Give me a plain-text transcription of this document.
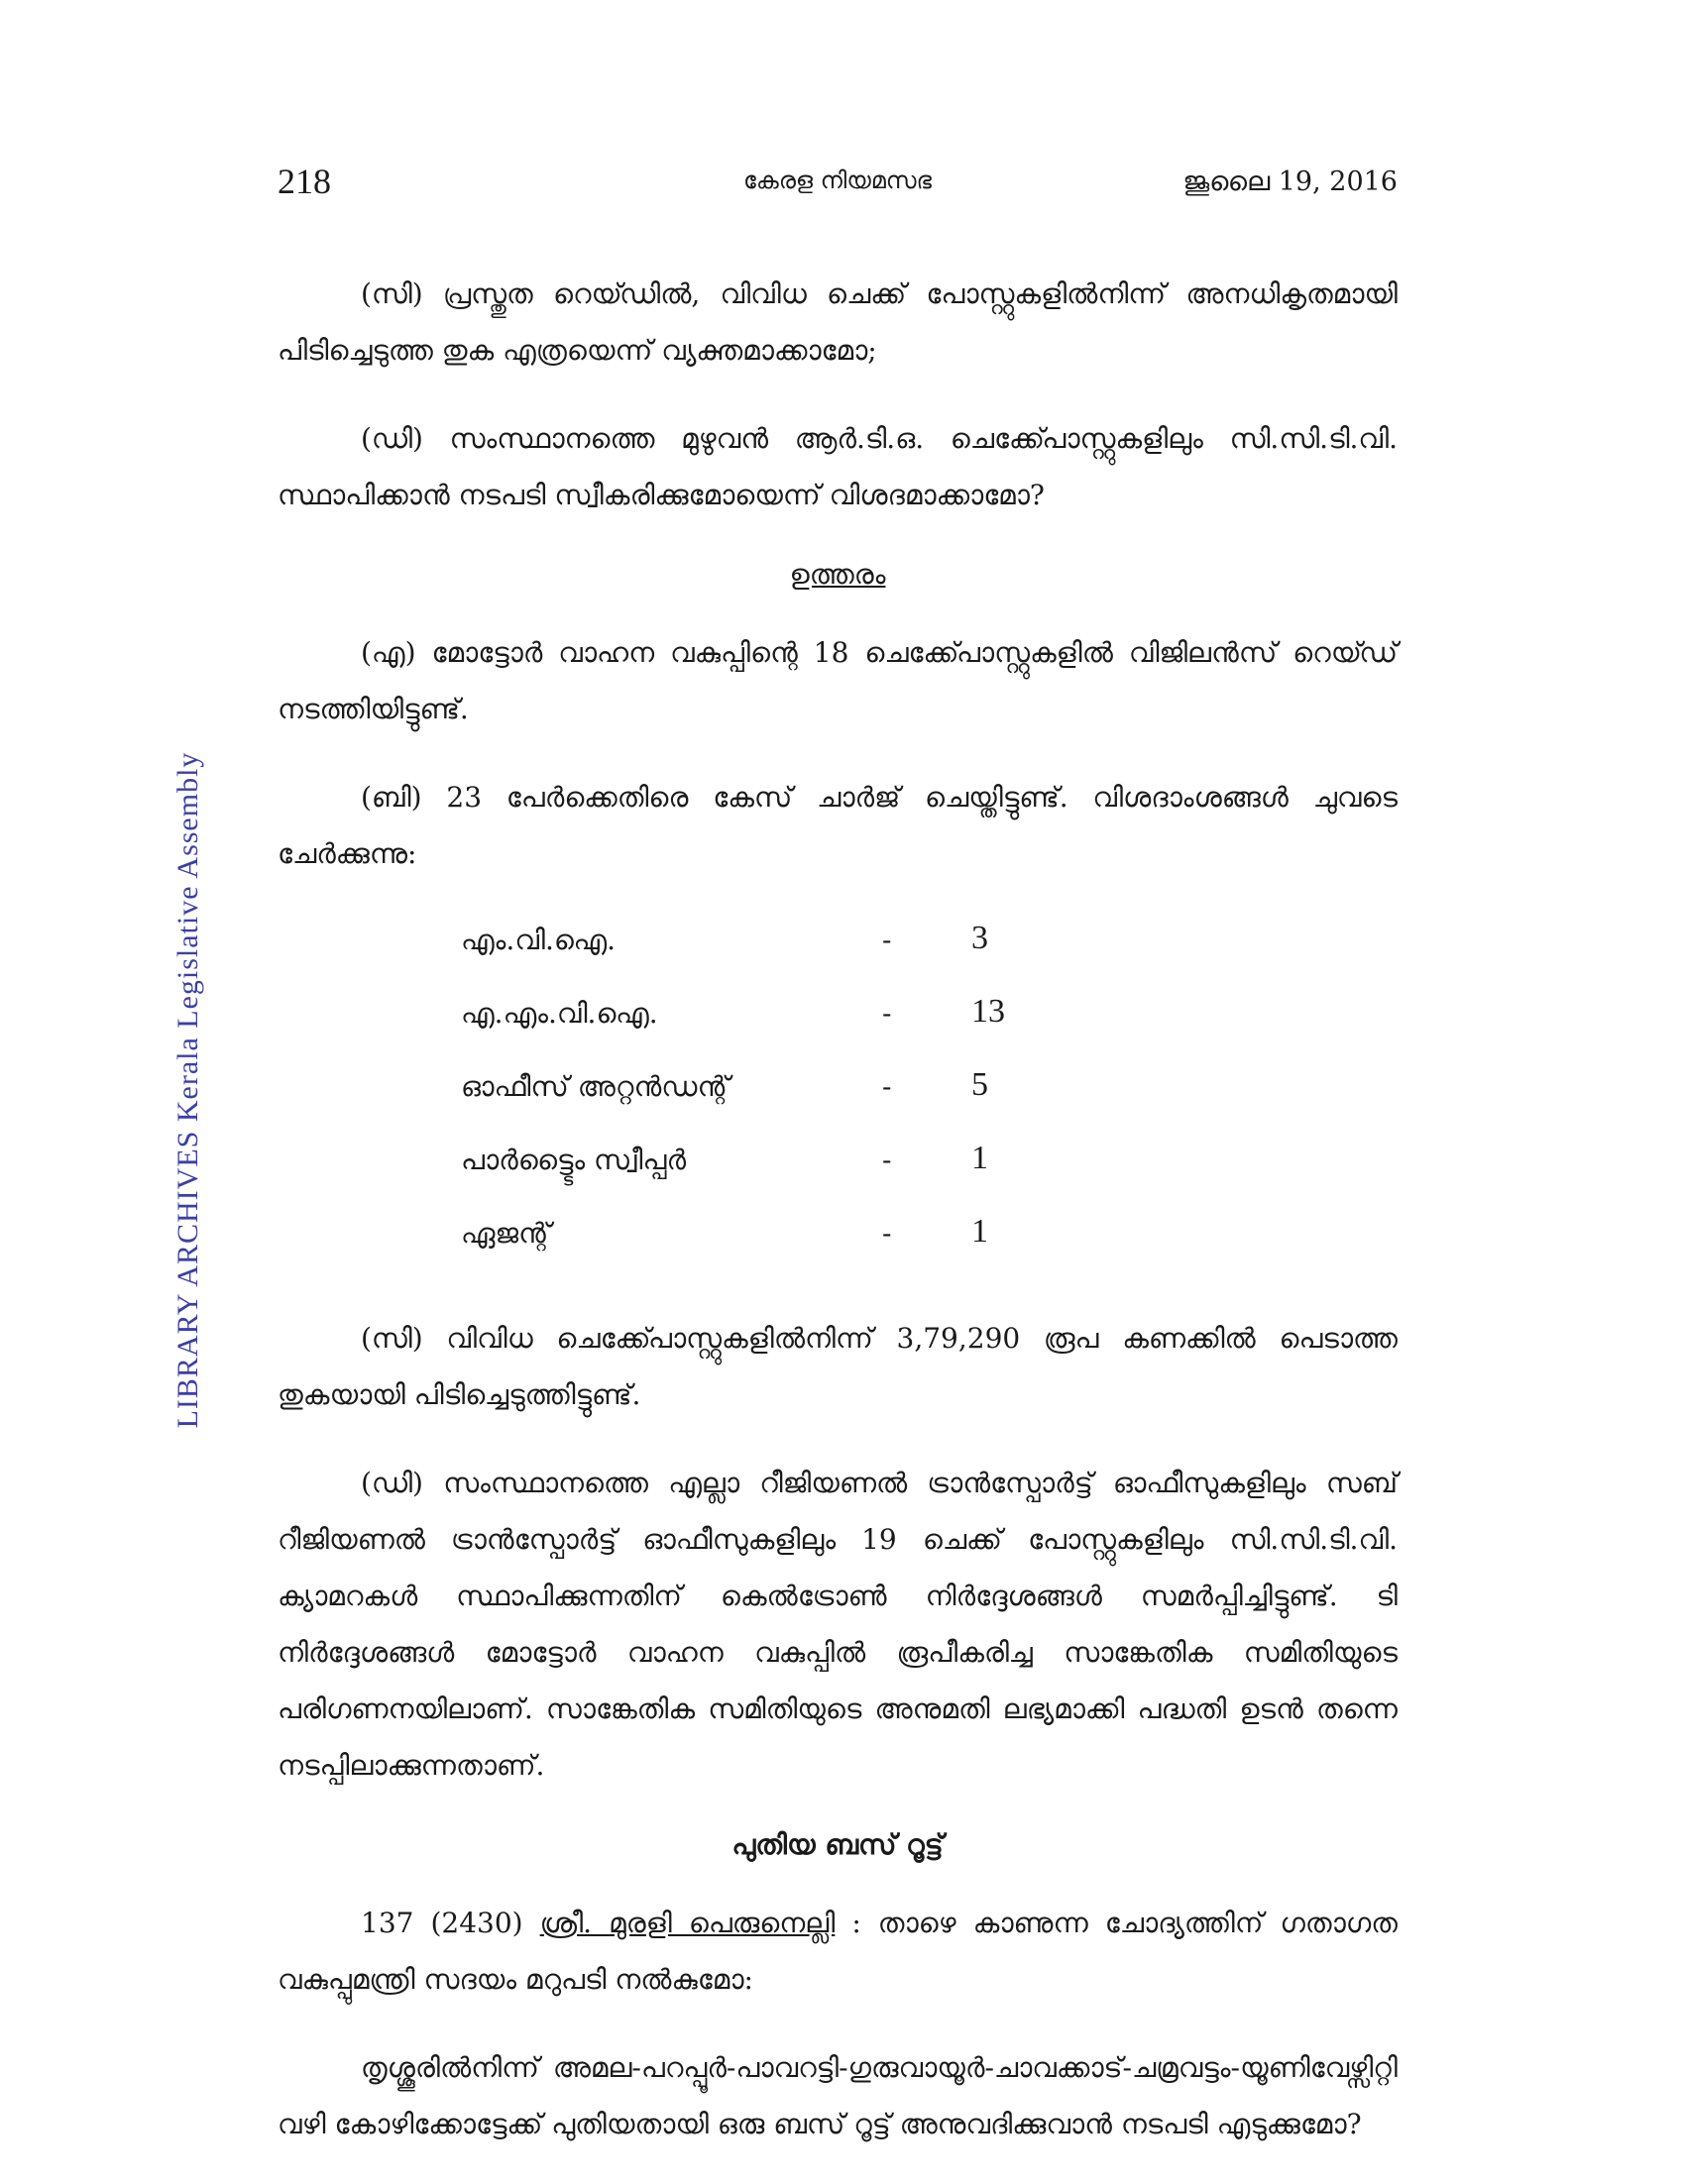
LIBRARY ARCHIVES Kerala Legislative Assembly
218	കേരള നിയമസഭ	ജൂലൈ 19, 2016

(സി) പ്രസ്തുത റെയ്ഡിൽ, വിവിധ ചെക്ക് പോസ്റ്റുകളിൽനിന്ന് അനധികൃതമായി പിടിച്ചെടുത്ത തുക എത്രയെന്ന് വ്യക്തമാക്കാമോ;

(ഡി) സംസ്ഥാനത്തെ മുഴുവൻ ആർ.ടി.ഒ. ചെക്ക്പോസ്റ്റുകളിലും സി.സി.ടി.വി. സ്ഥാപിക്കാൻ നടപടി സ്വീകരിക്കുമോയെന്ന് വിശദമാക്കാമോ?

ഉത്തരം

(എ) മോട്ടോർ വാഹന വകുപ്പിന്റെ 18 ചെക്ക്പോസ്റ്റുകളിൽ വിജിലൻസ് റെയ്ഡ് നടത്തിയിട്ടുണ്ട്.

(ബി) 23 പേർക്കെതിരെ കേസ് ചാർജ് ചെയ്തിട്ടുണ്ട്. വിശദാംശങ്ങൾ ചുവടെ ചേർക്കുന്നു:

എം.വി.ഐ.	- 3
എ.എം.വി.ഐ.	- 13
ഓഫീസ് അറ്റൻഡന്റ്	- 5
പാർട്ട്ടൈം സ്വീപ്പർ	- 1
ഏജന്റ്	- 1

(സി) വിവിധ ചെക്ക്പോസ്റ്റുകളിൽനിന്ന് 3,79,290 രൂപ കണക്കിൽ പെടാത്ത തുകയായി പിടിച്ചെടുത്തിട്ടുണ്ട്.

(ഡി) സംസ്ഥാനത്തെ എല്ലാ റീജിയണൽ ട്രാൻസ്പോർട്ട് ഓഫീസുകളിലും സബ് റീജിയണൽ ട്രാൻസ്പോർട്ട് ഓഫീസുകളിലും 19 ചെക്ക് പോസ്റ്റുകളിലും സി.സി.ടി.വി. ക്യാമറകൾ സ്ഥാപിക്കുന്നതിന് കെൽട്രോൺ നിർദ്ദേശങ്ങൾ സമർപ്പിച്ചിട്ടുണ്ട്. ടി നിർദ്ദേശങ്ങൾ മോട്ടോർ വാഹന വകുപ്പിൽ രൂപീകരിച്ച സാങ്കേതിക സമിതിയുടെ പരിഗണനയിലാണ്. സാങ്കേതിക സമിതിയുടെ അനുമതി ലഭ്യമാക്കി പദ്ധതി ഉടൻ തന്നെ നടപ്പിലാക്കുന്നതാണ്.

പുതിയ ബസ് റൂട്ട്

137 (2430) ശ്രീ. മുരളി പെരുനെല്ലി : താഴെ കാണുന്ന ചോദ്യത്തിന് ഗതാഗത വകുപ്പുമന്ത്രി സദയം മറുപടി നൽകുമോ:

തൃശ്ശൂരിൽനിന്ന് അമല-പറപ്പൂർ-പാവറട്ടി-ഗുരുവായൂർ-ചാവക്കാട്-ചമ്രവട്ടം-യൂണിവേഴ്സിറ്റി വഴി കോഴിക്കോട്ടേക്ക് പുതിയതായി ഒരു ബസ് റൂട്ട് അനുവദിക്കുവാൻ നടപടി എടുക്കുമോ?
